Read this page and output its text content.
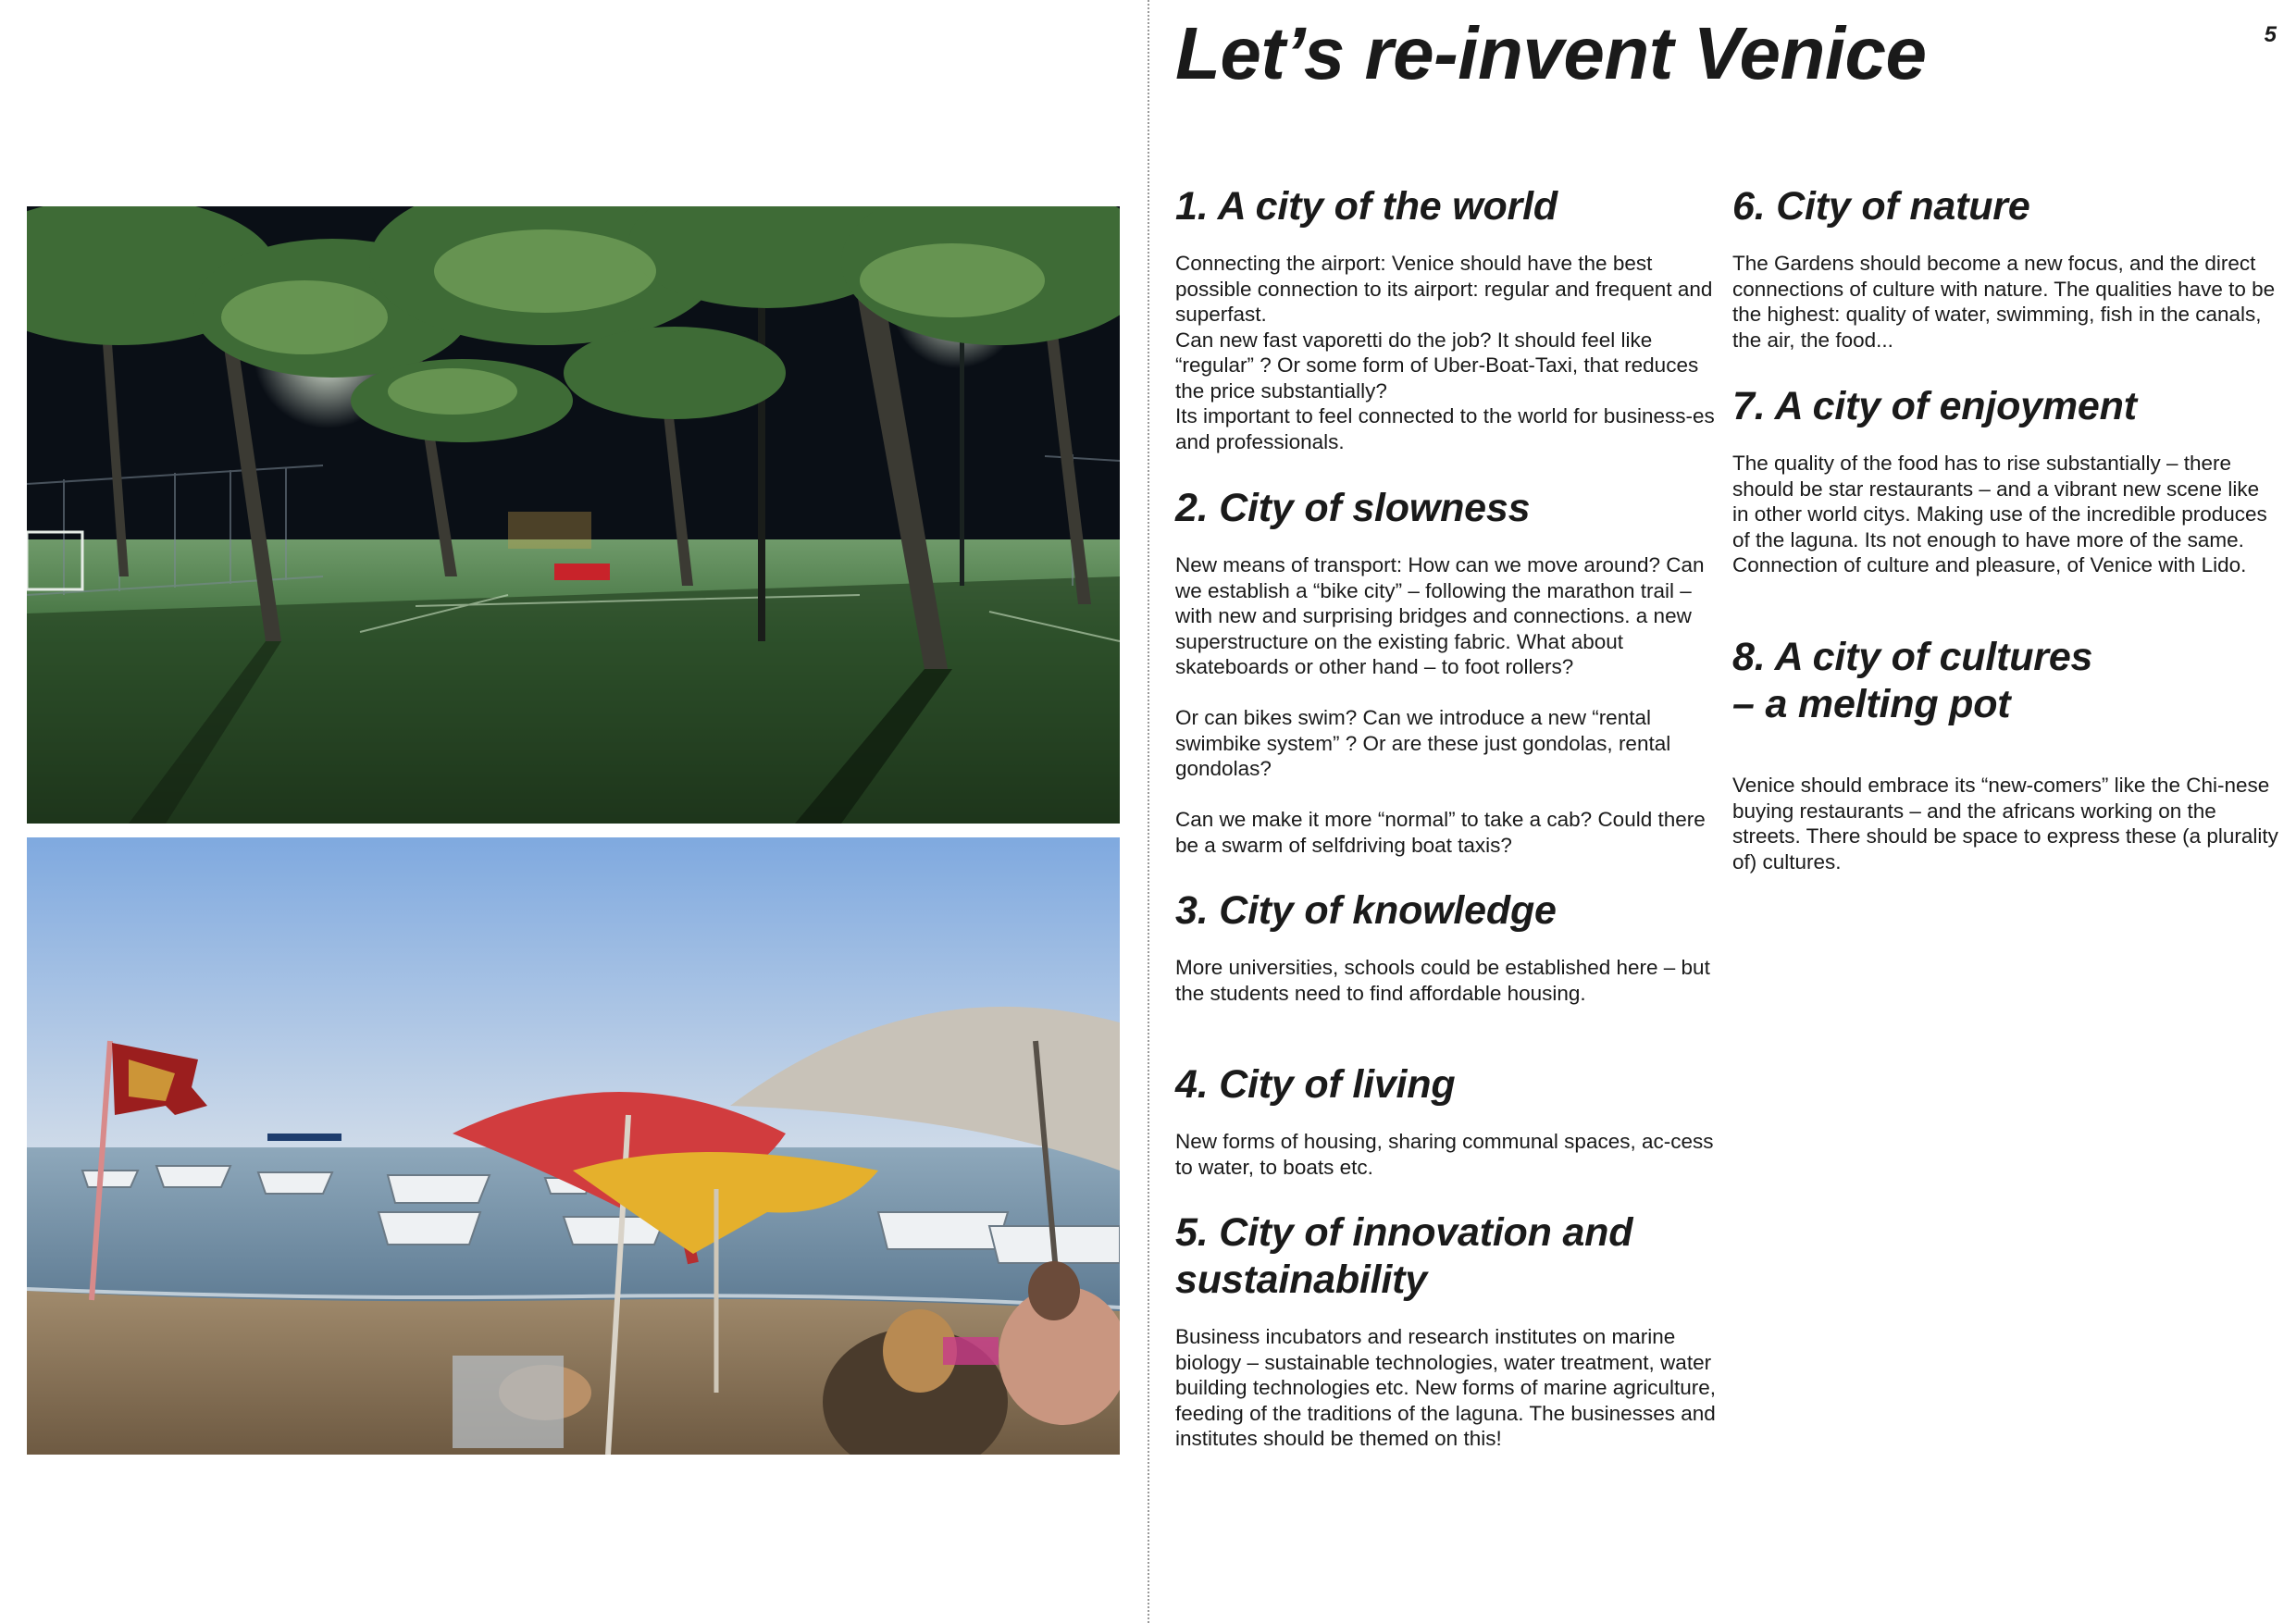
Let’s re-invent Venice	5
1. A city of the world
Connecting the airport: Venice should have the best possible connection to its airport: regular and frequent and superfast.
Can new fast vaporetti do the job? It should feel like “regular” ? Or some form of Uber-Boat-Taxi, that reduces the price substantially?
Its important to feel connected to the world for business-es and professionals.
2. City of slowness
New means of transport: How can we move around? Can we establish a “bike city” – following the marathon trail – with new and surprising bridges and connections. a new superstructure on the existing fabric. What about skateboards or other hand – to foot rollers?

Or can bikes swim? Can we introduce a new “rental swimbike system” ? Or are these just gondolas, rental gondolas?

Can we make it more “normal” to take a cab? Could there be a swarm of selfdriving boat taxis?
3. City of knowledge
More universities, schools could be established here – but the students need to find affordable housing.
4. City of living
New forms of housing, sharing communal spaces, ac-cess to water, to boats etc.
5. City of innovation and sustainability
Business incubators and research institutes on marine biology – sustainable technologies, water treatment, water building technologies etc. New forms of marine agriculture, feeding of the traditions of the laguna. The businesses and institutes should be themed on this!
6. City of nature
The Gardens should become a new focus, and the direct connections of culture with nature. The qualities have to be the highest: quality of water, swimming, fish in the canals, the air, the food...
7. A city of enjoyment
The quality of the food has to rise substantially – there should be star restaurants – and a vibrant new scene like in other world citys. Making use of the incredible produces of the laguna. Its not enough to have more of the same.
Connection of culture and pleasure, of Venice with Lido.
8. A city of cultures
– a melting pot
Venice should embrace its “new-comers” like the Chi-nese buying restaurants – and the africans working on the streets. There should be space to express these (a plurality of) cultures.
